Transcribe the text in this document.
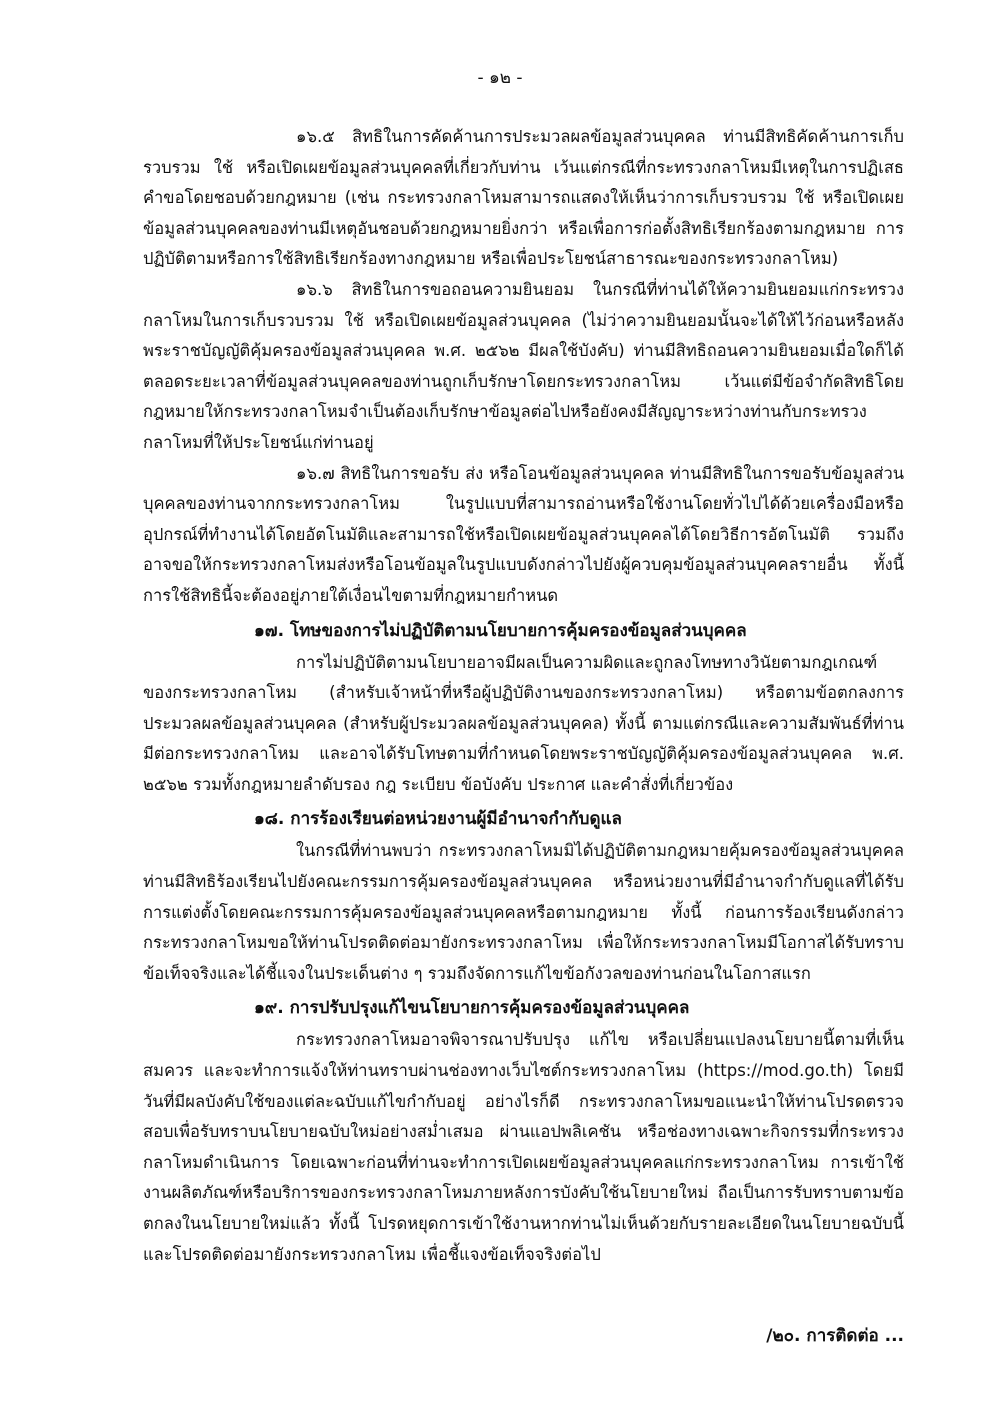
- ๑๒ -

๑๖.๕ สิทธิในการคัดค้านการประมวลผลข้อมูลส่วนบุคคล ท่านมีสิทธิคัดค้านการเก็บรวบรวม ใช้ หรือเปิดเผยข้อมูลส่วนบุคคลที่เกี่ยวกับท่าน เว้นแต่กรณีที่กระทรวงกลาโหมมีเหตุในการปฏิเสธคำขอโดยชอบด้วยกฎหมาย (เช่น กระทรวงกลาโหมสามารถแสดงให้เห็นว่าการเก็บรวบรวม ใช้ หรือเปิดเผยข้อมูลส่วนบุคคลของท่านมีเหตุอันชอบด้วยกฎหมายยิ่งกว่า หรือเพื่อการก่อตั้งสิทธิเรียกร้องตามกฎหมาย การปฏิบัติตามหรือการใช้สิทธิเรียกร้องทางกฎหมาย หรือเพื่อประโยชน์สาธารณะของกระทรวงกลาโหม)

๑๖.๖ สิทธิในการขอถอนความยินยอม ในกรณีที่ท่านได้ให้ความยินยอมแก่กระทรวงกลาโหมในการเก็บรวบรวม ใช้ หรือเปิดเผยข้อมูลส่วนบุคคล (ไม่ว่าความยินยอมนั้นจะได้ให้ไว้ก่อนหรือหลังพระราชบัญญัติคุ้มครองข้อมูลส่วนบุคคล พ.ศ. ๒๕๖๒ มีผลใช้บังคับ) ท่านมีสิทธิถอนความยินยอมเมื่อใดก็ได้ตลอดระยะเวลาที่ข้อมูลส่วนบุคคลของท่านถูกเก็บรักษาโดยกระทรวงกลาโหม เว้นแต่มีข้อจำกัดสิทธิโดยกฎหมายให้กระทรวงกลาโหมจำเป็นต้องเก็บรักษาข้อมูลต่อไปหรือยังคงมีสัญญาระหว่างท่านกับกระทรวงกลาโหมที่ให้ประโยชน์แก่ท่านอยู่

๑๖.๗ สิทธิในการขอรับ ส่ง หรือโอนข้อมูลส่วนบุคคล ท่านมีสิทธิในการขอรับข้อมูลส่วนบุคคลของท่านจากกระทรวงกลาโหม ในรูปแบบที่สามารถอ่านหรือใช้งานโดยทั่วไปได้ด้วยเครื่องมือหรืออุปกรณ์ที่ทำงานได้โดยอัตโนมัติและสามารถใช้หรือเปิดเผยข้อมูลส่วนบุคคลได้โดยวิธีการอัตโนมัติ รวมถึงอาจขอให้กระทรวงกลาโหมส่งหรือโอนข้อมูลในรูปแบบดังกล่าวไปยังผู้ควบคุมข้อมูลส่วนบุคคลรายอื่น ทั้งนี้ การใช้สิทธินี้จะต้องอยู่ภายใต้เงื่อนไขตามที่กฎหมายกำหนด

๑๗. โทษของการไม่ปฏิบัติตามนโยบายการคุ้มครองข้อมูลส่วนบุคคล

การไม่ปฏิบัติตามนโยบายอาจมีผลเป็นความผิดและถูกลงโทษทางวินัยตามกฎเกณฑ์ของกระทรวงกลาโหม (สำหรับเจ้าหน้าที่หรือผู้ปฏิบัติงานของกระทรวงกลาโหม) หรือตามข้อตกลงการประมวลผลข้อมูลส่วนบุคคล (สำหรับผู้ประมวลผลข้อมูลส่วนบุคคล) ทั้งนี้ ตามแต่กรณีและความสัมพันธ์ที่ท่านมีต่อกระทรวงกลาโหม และอาจได้รับโทษตามที่กำหนดโดยพระราชบัญญัติคุ้มครองข้อมูลส่วนบุคคล พ.ศ. ๒๕๖๒ รวมทั้งกฎหมายลำดับรอง กฎ ระเบียบ ข้อบังคับ ประกาศ และคำสั่งที่เกี่ยวข้อง

๑๘. การร้องเรียนต่อหน่วยงานผู้มีอำนาจกำกับดูแล

ในกรณีที่ท่านพบว่า กระทรวงกลาโหมมิได้ปฏิบัติตามกฎหมายคุ้มครองข้อมูลส่วนบุคคล ท่านมีสิทธิร้องเรียนไปยังคณะกรรมการคุ้มครองข้อมูลส่วนบุคคล หรือหน่วยงานที่มีอำนาจกำกับดูแลที่ได้รับการแต่งตั้งโดยคณะกรรมการคุ้มครองข้อมูลส่วนบุคคลหรือตามกฎหมาย ทั้งนี้ ก่อนการร้องเรียนดังกล่าว กระทรวงกลาโหมขอให้ท่านโปรดติดต่อมายังกระทรวงกลาโหม เพื่อให้กระทรวงกลาโหมมีโอกาสได้รับทราบข้อเท็จจริงและได้ชี้แจงในประเด็นต่าง ๆ รวมถึงจัดการแก้ไขข้อกังวลของท่านก่อนในโอกาสแรก

๑๙. การปรับปรุงแก้ไขนโยบายการคุ้มครองข้อมูลส่วนบุคคล

กระทรวงกลาโหมอาจพิจารณาปรับปรุง แก้ไข หรือเปลี่ยนแปลงนโยบายนี้ตามที่เห็นสมควร และจะทำการแจ้งให้ท่านทราบผ่านช่องทางเว็บไซต์กระทรวงกลาโหม (https://mod.go.th) โดยมีวันที่มีผลบังคับใช้ของแต่ละฉบับแก้ไขกำกับอยู่ อย่างไรก็ดี กระทรวงกลาโหมขอแนะนำให้ท่านโปรดตรวจสอบเพื่อรับทราบนโยบายฉบับใหม่อย่างสม่ำเสมอ ผ่านแอปพลิเคชัน หรือช่องทางเฉพาะกิจกรรมที่กระทรวงกลาโหมดำเนินการ โดยเฉพาะก่อนที่ท่านจะทำการเปิดเผยข้อมูลส่วนบุคคลแก่กระทรวงกลาโหม การเข้าใช้งานผลิตภัณฑ์หรือบริการของกระทรวงกลาโหมภายหลังการบังคับใช้นโยบายใหม่ ถือเป็นการรับทราบตามข้อตกลงในนโยบายใหม่แล้ว ทั้งนี้ โปรดหยุดการเข้าใช้งานหากท่านไม่เห็นด้วยกับรายละเอียดในนโยบายฉบับนี้ และโปรดติดต่อมายังกระทรวงกลาโหม เพื่อชี้แจงข้อเท็จจริงต่อไป

/๒๐. การติดต่อ ...
